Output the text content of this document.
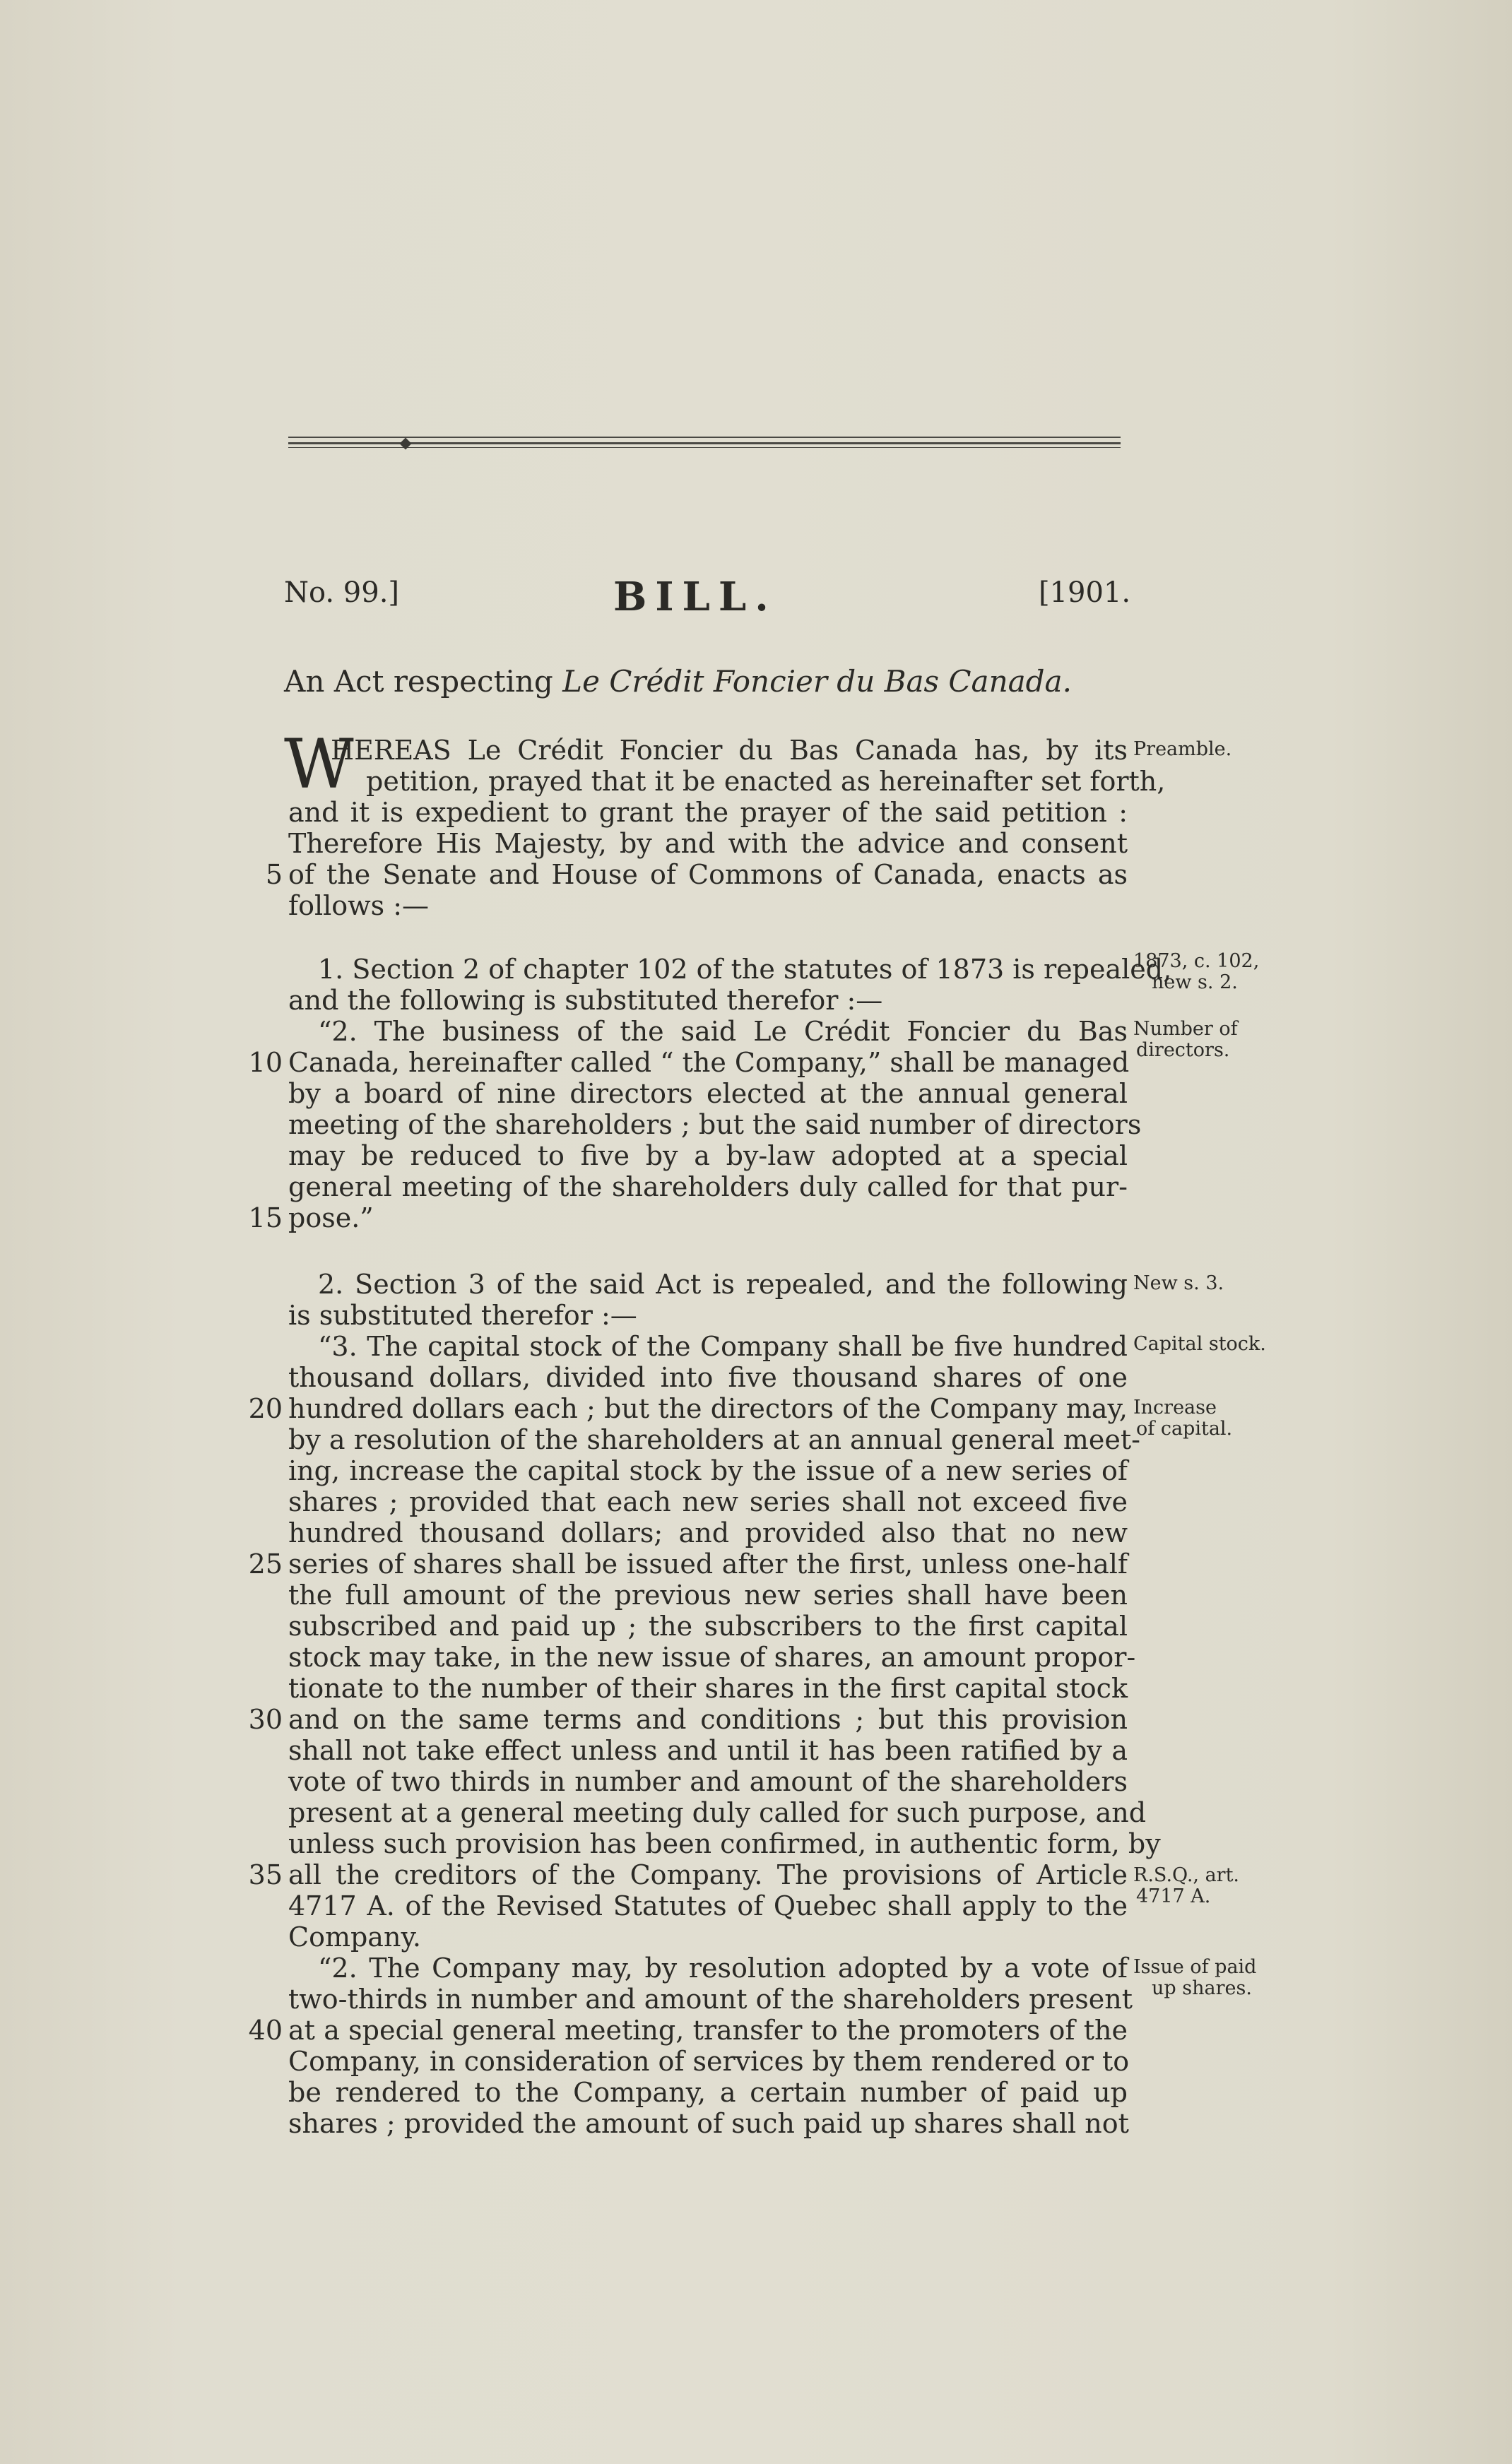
No. 99.]	BILL.	[1901.
An Act respecting Le Crédit Foncier du Bas Canada.
W
HEREAS Le Crédit Foncier du Bas Canada has, by its
petition, prayed that it be enacted as hereinafter set forth,
and it is expedient to grant the prayer of the said petition :
Therefore His Majesty, by and with the advice and consent
of the Senate and House of Commons of Canada, enacts as
follows :—
1. Section 2 of chapter 102 of the statutes of 1873 is repealed,
and the following is substituted therefor :—
“2. The business of the said Le Crédit Foncier du Bas
Canada, hereinafter called “ the Company,” shall be managed
by a board of nine directors elected at the annual general
meeting of the shareholders ; but the said number of directors
may be reduced to five by a by-law adopted at a special
general meeting of the shareholders duly called for that pur-
pose.”
2. Section 3 of the said Act is repealed, and the following
is substituted therefor :—
“3. The capital stock of the Company shall be five hundred
thousand dollars, divided into five thousand shares of one
hundred dollars each ; but the directors of the Company may,
by a resolution of the shareholders at an annual general meet-
ing, increase the capital stock by the issue of a new series of
shares ; provided that each new series shall not exceed five
hundred thousand dollars; and provided also that no new
series of shares shall be issued after the first, unless one-half
the full amount of the previous new series shall have been
subscribed and paid up ; the subscribers to the first capital
stock may take, in the new issue of shares, an amount propor-
tionate to the number of their shares in the first capital stock
and on the same terms and conditions ; but this provision
shall not take effect unless and until it has been ratified by a
vote of two thirds in number and amount of the shareholders
present at a general meeting duly called for such purpose, and
unless such provision has been confirmed, in authentic form, by
all the creditors of the Company. The provisions of Article
4717 A. of the Revised Statutes of Quebec shall apply to the
Company.
“2. The Company may, by resolution adopted by a vote of
two-thirds in number and amount of the shareholders present
at a special general meeting, transfer to the promoters of the
Company, in consideration of services by them rendered or to
be rendered to the Company, a certain number of paid up
shares ; provided the amount of such paid up shares shall not
5
10
15
20
25
30
35
40
Preamble.
1873, c. 102,
new s. 2.
Number of
directors.
New s. 3.
Capital stock.
Increase
of capital.
R.S.Q., art.
4717 A.
Issue of paid
up shares.
